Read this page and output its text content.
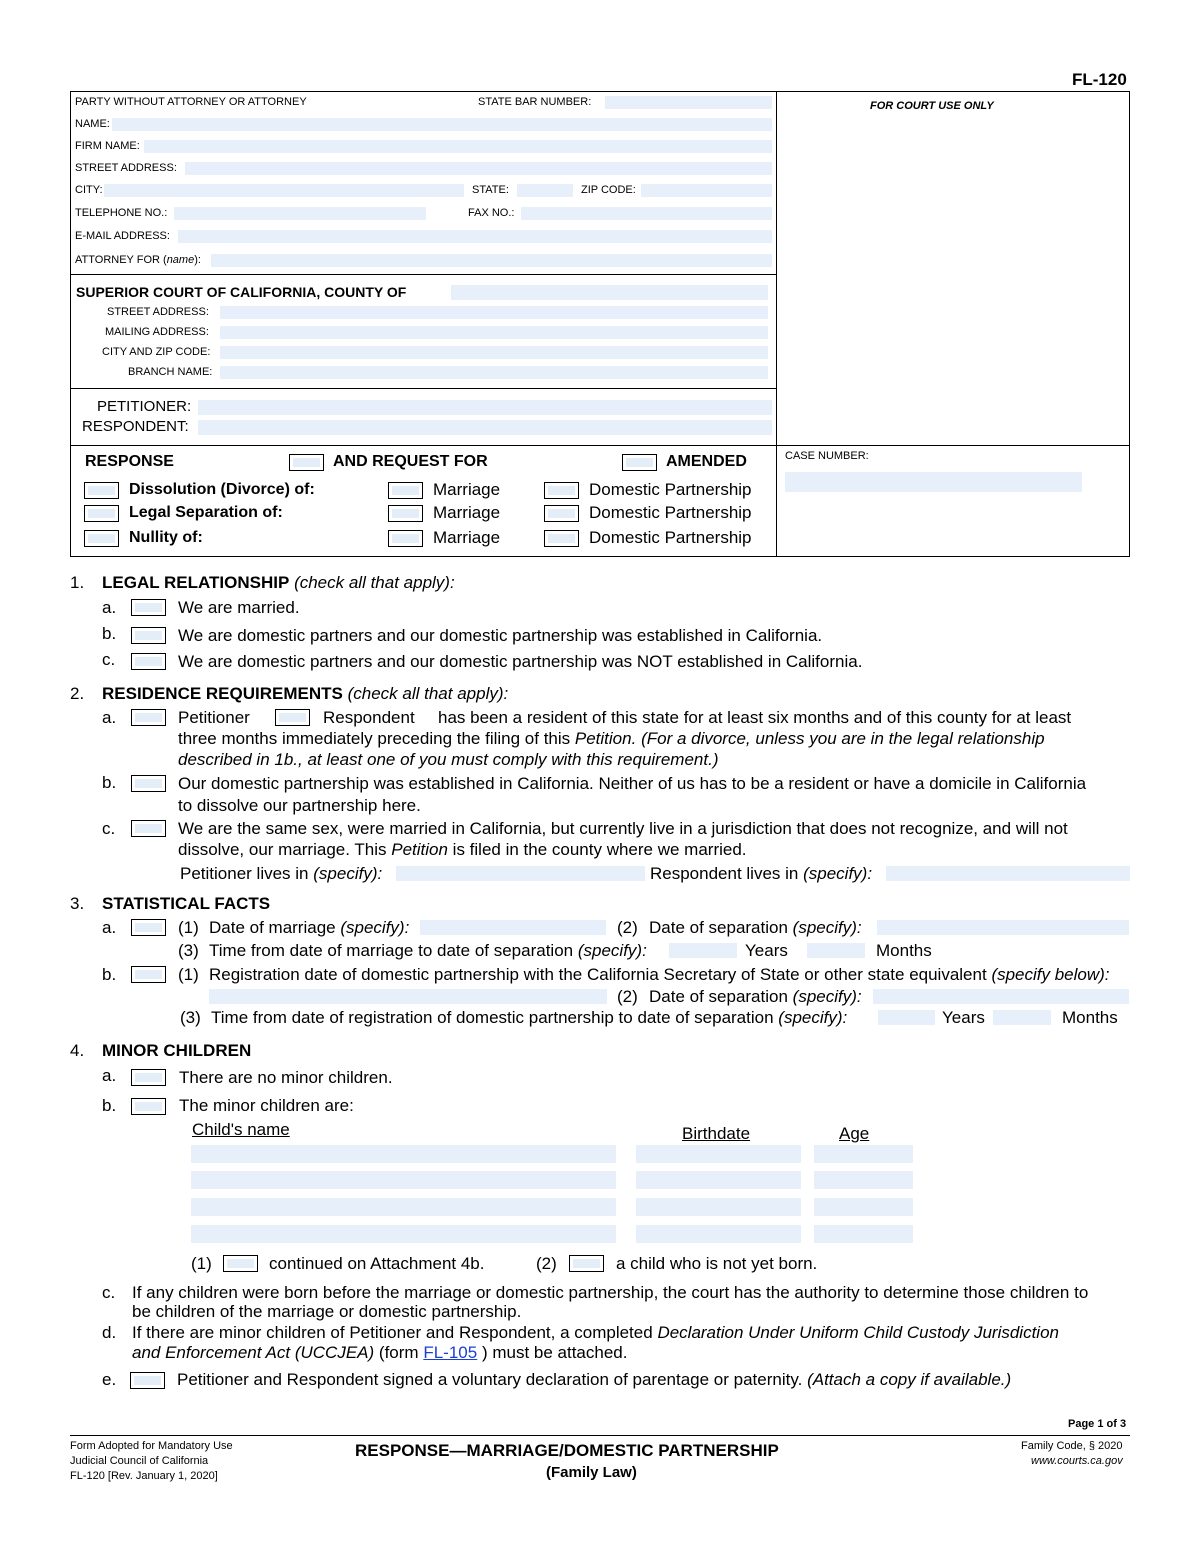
FL-120
PARTY WITHOUT ATTORNEY OR ATTORNEY	STATE BAR NUMBER:
NAME:
FIRM NAME:
STREET ADDRESS:
CITY:	STATE:	ZIP CODE:
TELEPHONE NO.:	FAX NO.:
E-MAIL ADDRESS:
ATTORNEY FOR (name):
FOR COURT USE ONLY
SUPERIOR COURT OF CALIFORNIA, COUNTY OF
STREET ADDRESS:
MAILING ADDRESS:
CITY AND ZIP CODE:
BRANCH NAME:
PETITIONER:
RESPONDENT:
CASE NUMBER:
RESPONSE	AND REQUEST FOR	AMENDED
Dissolution (Divorce) of:	Marriage	Domestic Partnership
Legal Separation of:	Marriage	Domestic Partnership
Nullity of:	Marriage	Domestic Partnership
1. LEGAL RELATIONSHIP (check all that apply):
a.	We are married.
b.	We are domestic partners and our domestic partnership was established in California.
c.	We are domestic partners and our domestic partnership was NOT established in California.
2. RESIDENCE REQUIREMENTS (check all that apply):
a.	Petitioner	Respondent has been a resident of this state for at least six months and of this county for at least
three months immediately preceding the filing of this Petition. (For a divorce, unless you are in the legal relationship
described in 1b., at least one of you must comply with this requirement.)
b.	Our domestic partnership was established in California. Neither of us has to be a resident or have a domicile in California
to dissolve our partnership here.
c.	We are the same sex, were married in California, but currently live in a jurisdiction that does not recognize, and will not
dissolve, our marriage. This Petition is filed in the county where we married.
Petitioner lives in (specify):	Respondent lives in (specify):
3. STATISTICAL FACTS
a.	(1) Date of marriage (specify):	(2) Date of separation (specify):
(3) Time from date of marriage to date of separation (specify):	Years	Months
b.	(1) Registration date of domestic partnership with the California Secretary of State or other state equivalent (specify below):
(2) Date of separation (specify):
(3) Time from date of registration of domestic partnership to date of separation (specify):	Years	Months
4. MINOR CHILDREN
a.	There are no minor children.
b.	The minor children are:
Child's name	Birthdate	Age
(1)	continued on Attachment 4b.	(2)	a child who is not yet born.
c. If any children were born before the marriage or domestic partnership, the court has the authority to determine those children to
be children of the marriage or domestic partnership.
d. If there are minor children of Petitioner and Respondent, a completed Declaration Under Uniform Child Custody Jurisdiction
and Enforcement Act (UCCJEA) (form FL-105 ) must be attached.
e.	Petitioner and Respondent signed a voluntary declaration of parentage or paternity. (Attach a copy if available.)
Page 1 of 3
Form Adopted for Mandatory Use
Judicial Council of California
FL-120 [Rev. January 1, 2020]
RESPONSE—MARRIAGE/DOMESTIC PARTNERSHIP
(Family Law)
Family Code, § 2020
www.courts.ca.gov
